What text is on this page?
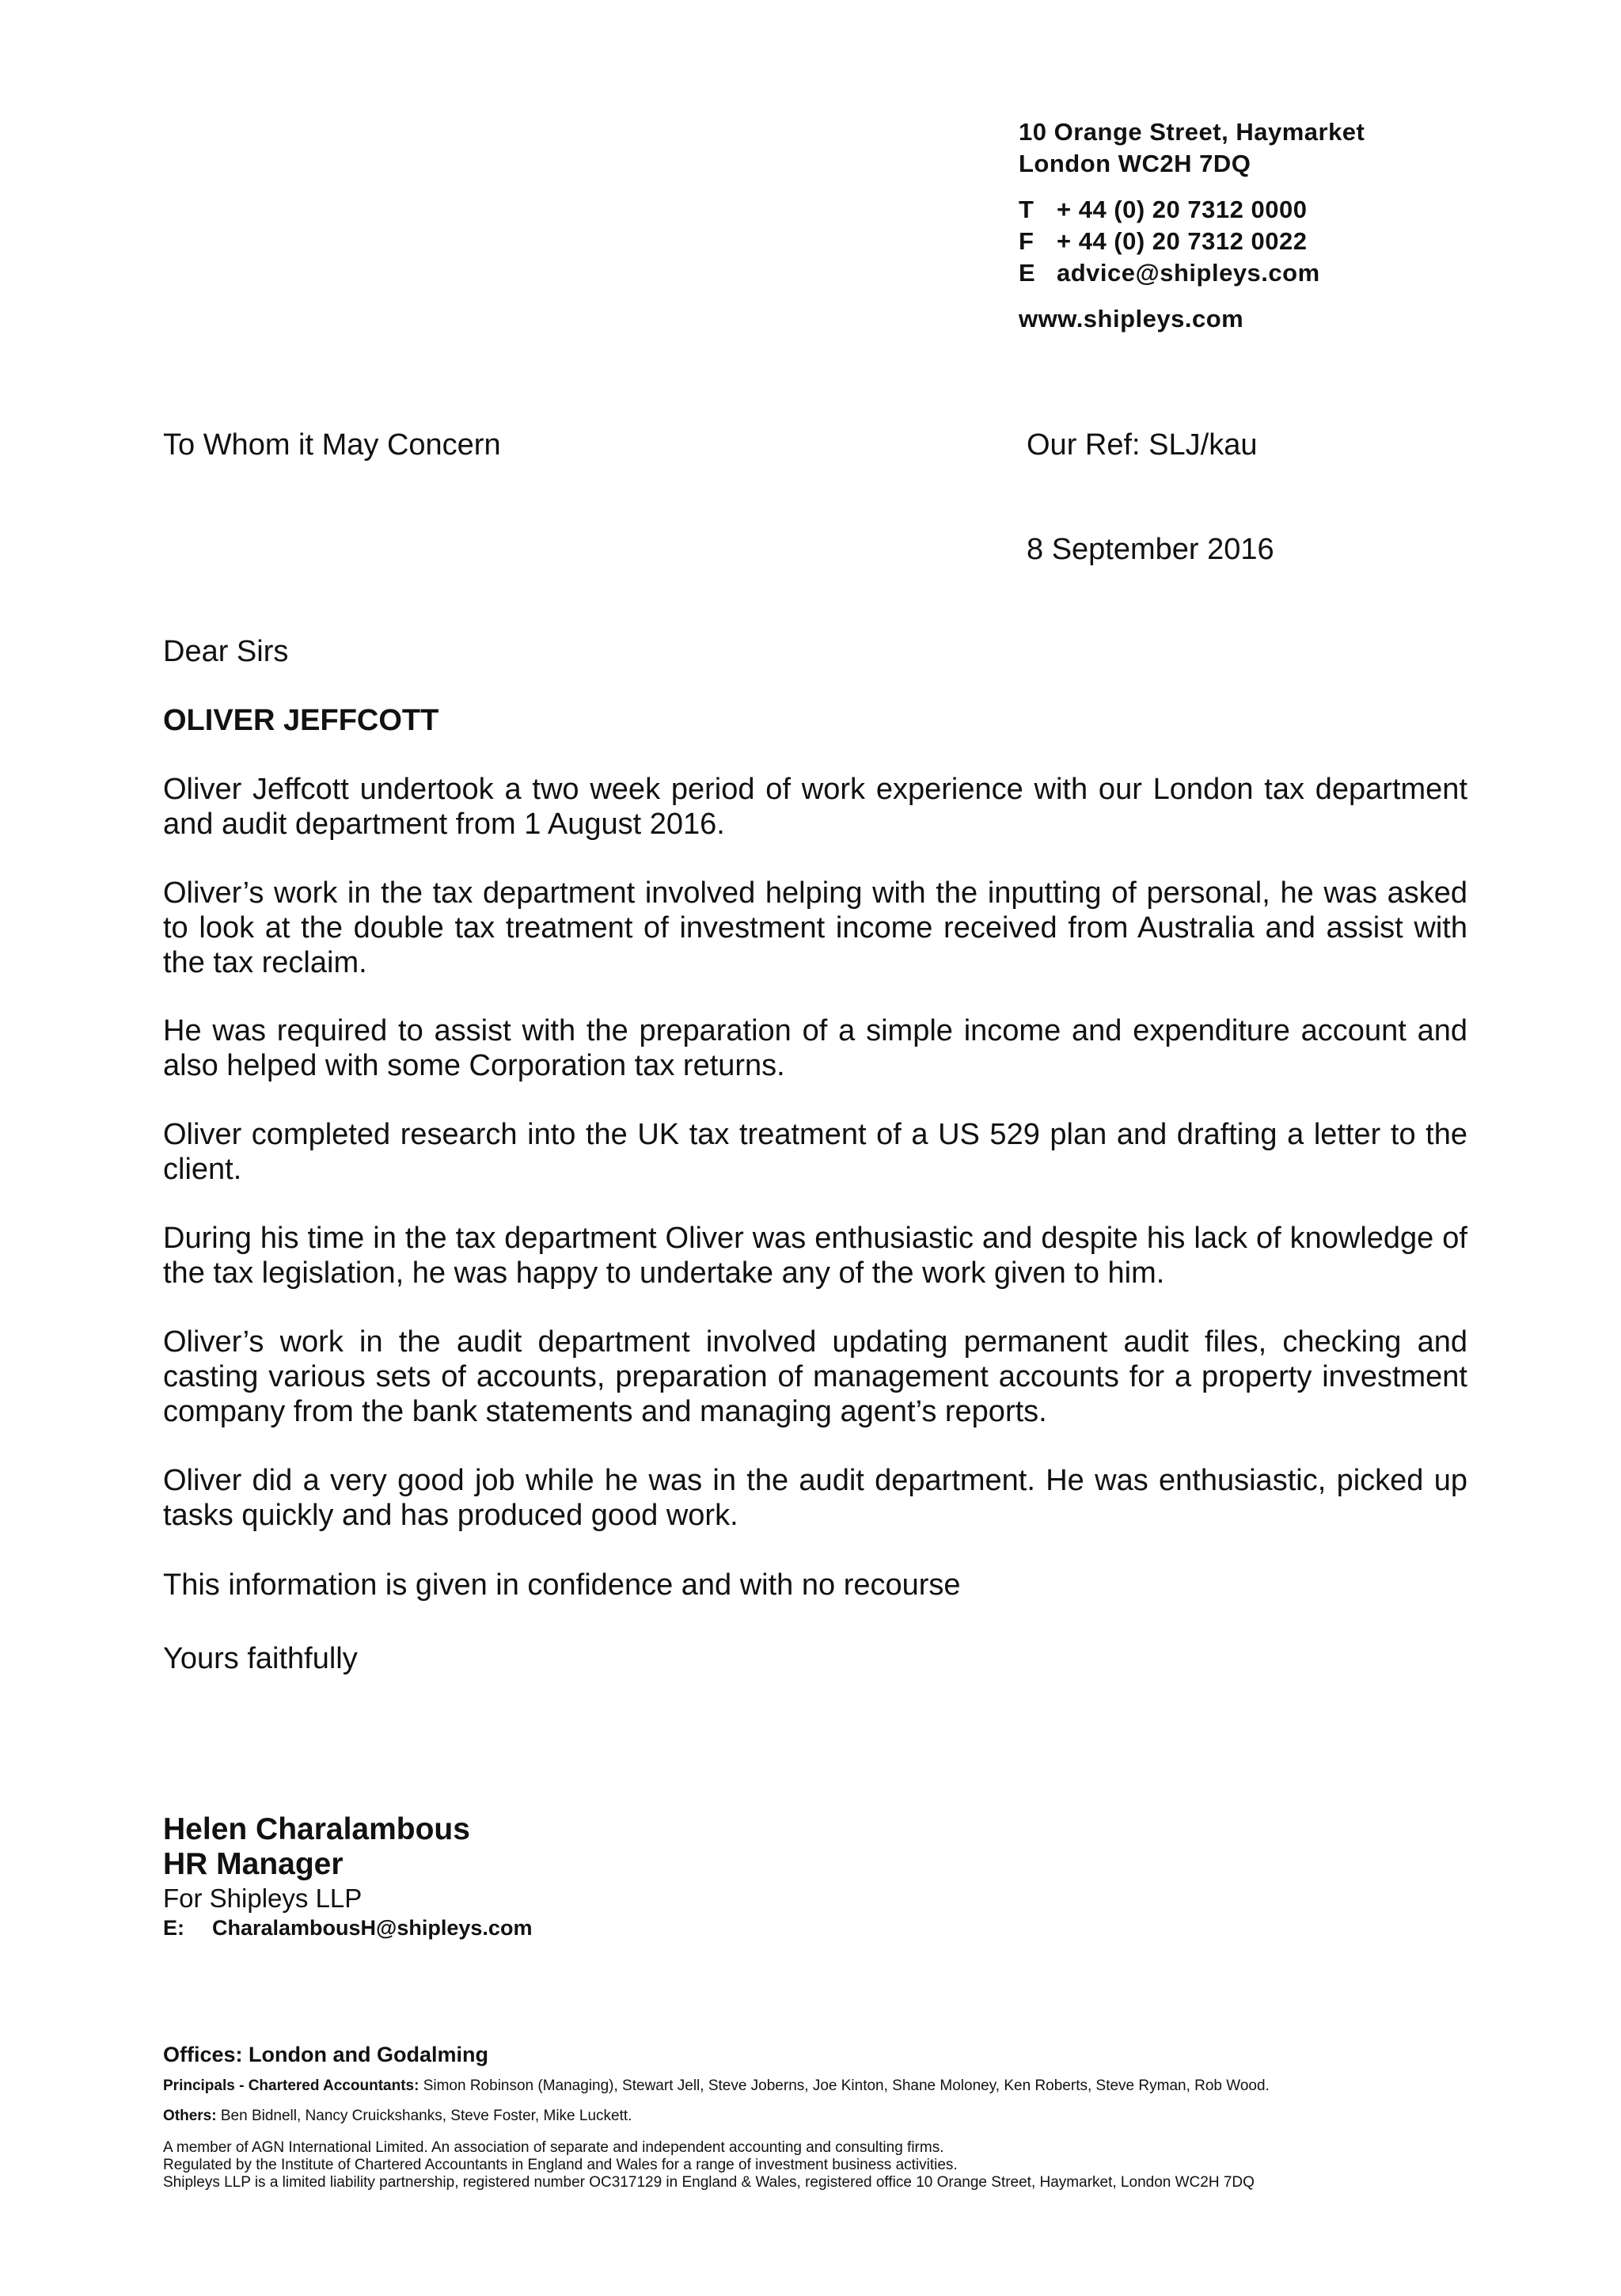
10 Orange Street, Haymarket
London WC2H 7DQ
T + 44 (0) 20 7312 0000
F + 44 (0) 20 7312 0022
E advice@shipleys.com
www.shipleys.com
To Whom it May Concern	Our Ref: SLJ/kau
8 September 2016
Dear Sirs
OLIVER JEFFCOTT

Oliver Jeffcott undertook a two week period of work experience with our London tax department and audit department from 1 August 2016.

Oliver’s work in the tax department involved helping with the inputting of personal, he was asked to look at the double tax treatment of investment income received from Australia and assist with the tax reclaim.

He was required to assist with the preparation of a simple income and expenditure account and also helped with some Corporation tax returns.

Oliver completed research into the UK tax treatment of a US 529 plan and drafting a letter to the client.

During his time in the tax department Oliver was enthusiastic and despite his lack of knowledge of the tax legislation, he was happy to undertake any of the work given to him.

Oliver’s work in the audit department involved updating permanent audit files, checking and casting various sets of accounts, preparation of management accounts for a property investment company from the bank statements and managing agent’s reports.

Oliver did a very good job while he was in the audit department. He was enthusiastic, picked up tasks quickly and has produced good work.

This information is given in confidence and with no recourse

Yours faithfully
Helen Charalambous
HR Manager
For Shipleys LLP
E: CharalambousH@shipleys.com
Offices: London and Godalming
Principals - Chartered Accountants: Simon Robinson (Managing), Stewart Jell, Steve Joberns, Joe Kinton, Shane Moloney, Ken Roberts, Steve Ryman, Rob Wood.
Others: Ben Bidnell, Nancy Cruickshanks, Steve Foster, Mike Luckett.
A member of AGN International Limited. An association of separate and independent accounting and consulting firms.
Regulated by the Institute of Chartered Accountants in England and Wales for a range of investment business activities.
Shipleys LLP is a limited liability partnership, registered number OC317129 in England & Wales, registered office 10 Orange Street, Haymarket, London WC2H 7DQ
